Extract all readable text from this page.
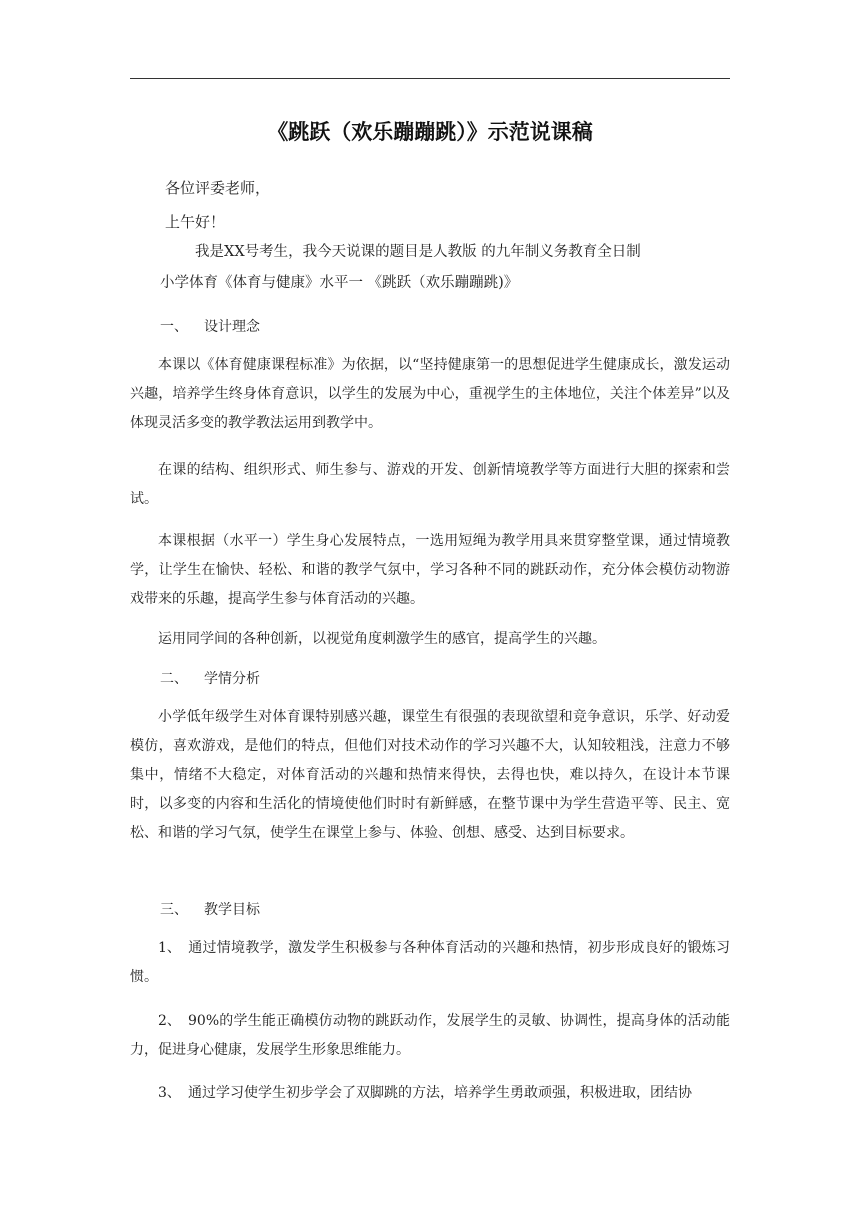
《跳跃（欢乐蹦蹦跳）》示范说课稿
各位评委老师，
上午好！
我是XX号考生，我今天说课的题目是人教版 的九年制义务教育全日制
小学体育《体育与健康》水平一 《跳跃（欢乐蹦蹦跳)》
一、 设计理念
本课以《体育健康课程标准》为依据，以“坚持健康第一的思想促进学生健康成长，激发运动兴趣，培养学生终身体育意识，以学生的发展为中心，重视学生的主体地位，关注个体差异”以及体现灵活多变的教学教法运用到教学中。
在课的结构、组织形式、师生参与、游戏的开发、创新情境教学等方面进行大胆的探索和尝试。
本课根据（水平一）学生身心发展特点，一选用短绳为教学用具来贯穿整堂课，通过情境教学，让学生在愉快、轻松、和谐的教学气氛中，学习各种不同的跳跃动作，充分体会模仿动物游戏带来的乐趣，提高学生参与体育活动的兴趣。
运用同学间的各种创新，以视觉角度刺激学生的感官，提高学生的兴趣。
二、 学情分析
小学低年级学生对体育课特别感兴趣，课堂生有很强的表现欲望和竞争意识，乐学、好动爱模仿，喜欢游戏，是他们的特点，但他们对技术动作的学习兴趣不大，认知较粗浅，注意力不够集中，情绪不大稳定，对体育活动的兴趣和热情来得快，去得也快，难以持久，在设计本节课时，以多变的内容和生活化的情境使他们时时有新鲜感，在整节课中为学生营造平等、民主、宽松、和谐的学习气氛，使学生在课堂上参与、体验、创想、感受、达到目标要求。
三、 教学目标
1、 通过情境教学，激发学生积极参与各种体育活动的兴趣和热情，初步形成良好的锻炼习惯。
2、 90%的学生能正确模仿动物的跳跃动作，发展学生的灵敏、协调性，提高身体的活动能力，促进身心健康，发展学生形象思维能力。
3、 通过学习使学生初步学会了双脚跳的方法，培养学生勇敢顽强，积极进取，团结协
